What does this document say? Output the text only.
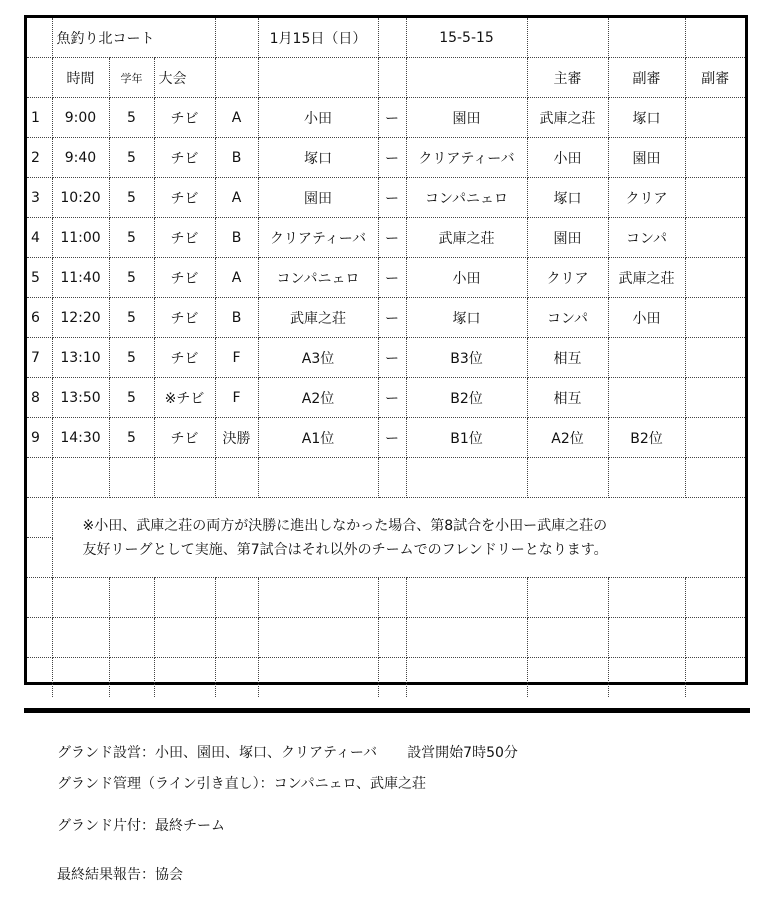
	魚釣り北コート				1月15日（日）		15-5-15			
	時間	学年	大会					主審	副審	副審
1	9:00	5	チビ	A	小田	ー	園田	武庫之荘	塚口	
2	9:40	5	チビ	B	塚口	ー	クリアティーバ	小田	園田	
3	10:20	5	チビ	A	園田	ー	コンパニェロ	塚口	クリア	
4	11:00	5	チビ	B	クリアティーバ	ー	武庫之荘	園田	コンパ	
5	11:40	5	チビ	A	コンパニェロ	ー	小田	クリア	武庫之荘	
6	12:20	5	チビ	B	武庫之荘	ー	塚口	コンパ	小田	
7	13:10	5	チビ	F	A3位	ー	B3位	相互		
8	13:50	5	※チビ	F	A2位	ー	B2位	相互		
9	14:30	5	チビ	決勝	A1位	ー	B1位	A2位	B2位	

	※小田、武庫之荘の両方が決勝に進出しなかった場合、第8試合を小田ー武庫之荘の
友好リーグとして実施、第7試合はそれ以外のチームでのフレンドリーとなります。									

グランド設営：小田、園田、塚口、クリアティーバ 設営開始7時50分
グランド管理（ライン引き直し）：コンパニェロ、武庫之荘
グランド片付：最終チーム
最終結果報告：協会
